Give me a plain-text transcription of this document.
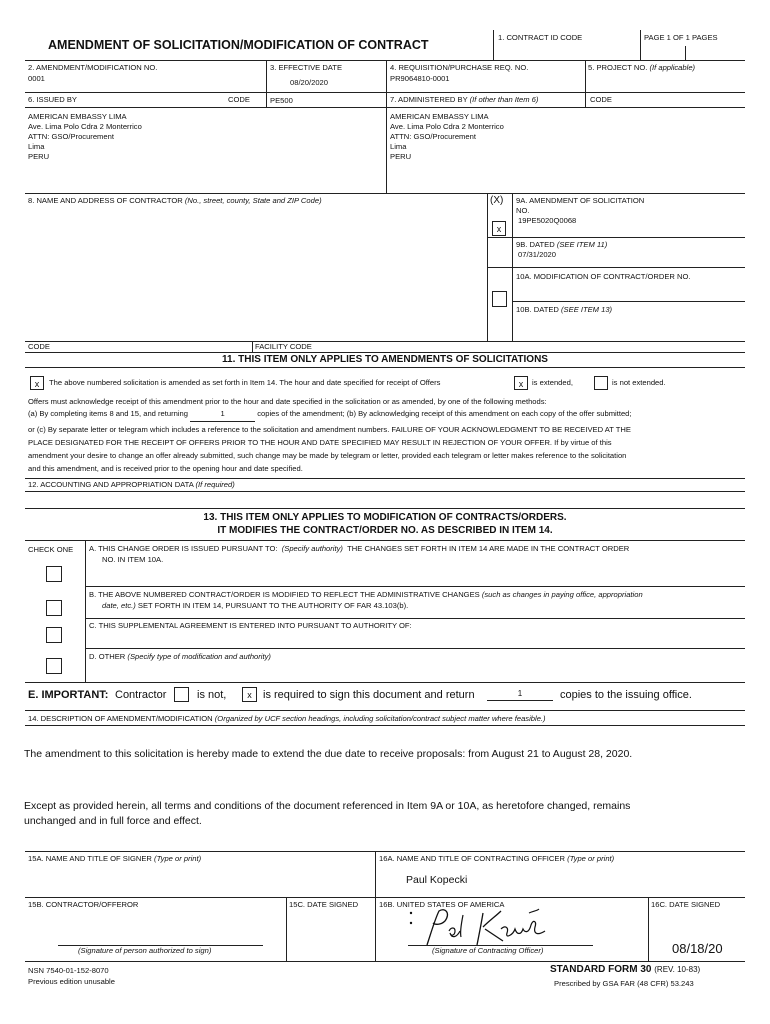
AMENDMENT OF SOLICITATION/MODIFICATION OF CONTRACT
1. CONTRACT ID CODE	PAGE 1 OF 1 PAGES
2. AMENDMENT/MODIFICATION NO.
0001
3. EFFECTIVE DATE
08/20/2020
4. REQUISITION/PURCHASE REQ. NO.
PR9064810-0001
5. PROJECT NO. (If applicable)
6. ISSUED BY	CODE	PE500
AMERICAN EMBASSY LIMA
Ave. Lima Polo Cdra 2 Monterrico
ATTN: GSO/Procurement
Lima
PERU
7. ADMINISTERED BY (If other than Item 6)	CODE
AMERICAN EMBASSY LIMA
Ave. Lima Polo Cdra 2 Monterrico
ATTN: GSO/Procurement
Lima
PERU
8. NAME AND ADDRESS OF CONTRACTOR (No., street, county, State and ZIP Code)	(X)
x
9A. AMENDMENT OF SOLICITATION
NO.
19PE5020Q0068
9B. DATED (SEE ITEM 11)
07/31/2020
10A. MODIFICATION OF CONTRACT/ORDER NO.
10B. DATED (SEE ITEM 13)
CODE	FACILITY CODE
11. THIS ITEM ONLY APPLIES TO AMENDMENTS OF SOLICITATIONS
x	The above numbered solicitation is amended as set forth in Item 14. The hour and date specified for receipt of Offers	x	is extended,	is not extended.
Offers must acknowledge receipt of this amendment prior to the hour and date specified in the solicitation or as amended, by one of the following methods:
(a) By completing items 8 and 15, and returning	1	copies of the amendment; (b) By acknowledging receipt of this amendment on each copy of the offer submitted;
or (c) By separate letter or telegram which includes a reference to the solicitation and amendment numbers. FAILURE OF YOUR ACKNOWLEDGMENT TO BE RECEIVED AT THE
PLACE DESIGNATED FOR THE RECEIPT OF OFFERS PRIOR TO THE HOUR AND DATE SPECIFIED MAY RESULT IN REJECTION OF YOUR OFFER. If by virtue of this
amendment your desire to change an offer already submitted, such change may be made by telegram or letter, provided each telegram or letter makes reference to the solicitation
and this amendment, and is received prior to the opening hour and date specified.
12. ACCOUNTING AND APPROPRIATION DATA (If required)
13. THIS ITEM ONLY APPLIES TO MODIFICATION OF CONTRACTS/ORDERS.
IT MODIFIES THE CONTRACT/ORDER NO. AS DESCRIBED IN ITEM 14.
CHECK ONE A. THIS CHANGE ORDER IS ISSUED PURSUANT TO: (Specify authority) THE CHANGES SET FORTH IN ITEM 14 ARE MADE IN THE CONTRACT ORDER
NO. IN ITEM 10A.
B. THE ABOVE NUMBERED CONTRACT/ORDER IS MODIFIED TO REFLECT THE ADMINISTRATIVE CHANGES (such as changes in paying office, appropriation
date, etc.) SET FORTH IN ITEM 14, PURSUANT TO THE AUTHORITY OF FAR 43.103(b).
C. THIS SUPPLEMENTAL AGREEMENT IS ENTERED INTO PURSUANT TO AUTHORITY OF:
D. OTHER (Specify type of modification and authority)
E. IMPORTANT: Contractor	is not,	x	is required to sign this document and return	1	copies to the issuing office.
14. DESCRIPTION OF AMENDMENT/MODIFICATION (Organized by UCF section headings, including solicitation/contract subject matter where feasible.)
The amendment to this solicitation is hereby made to extend the due date to receive proposals: from August 21 to August 28, 2020.
Except as provided herein, all terms and conditions of the document referenced in Item 9A or 10A, as heretofore changed, remains
unchanged and in full force and effect.
15A. NAME AND TITLE OF SIGNER (Type or print)	16A. NAME AND TITLE OF CONTRACTING OFFICER (Type or print)
Paul Kopecki
15B. CONTRACTOR/OFFEROR	15C. DATE SIGNED	16B. UNITED STATES OF AMERICA	16C. DATE SIGNED
(Signature of person authorized to sign)	(Signature of Contracting Officer)	08/18/20
NSN 7540-01-152-8070
Previous edition unusable
STANDARD FORM 30 (REV. 10-83)
Prescribed by GSA FAR (48 CFR) 53.243
